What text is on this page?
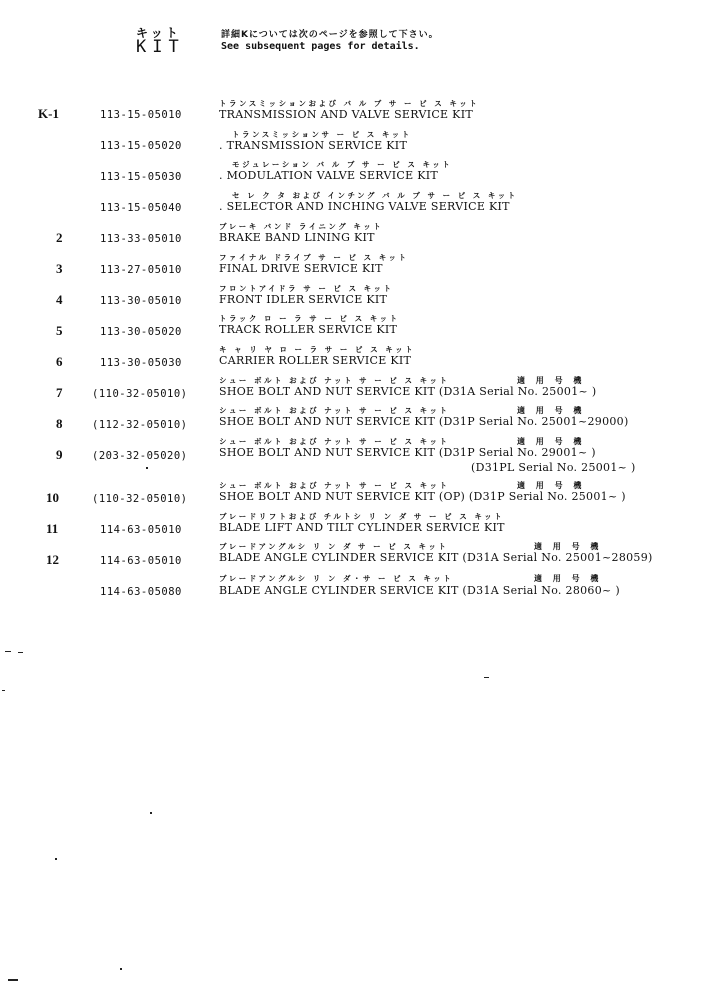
キット
KIT
詳細Kについては次のページを参照して下さい。
See subsequent pages for details.
K-1	113-15-05010
トランスミッションおよび バ ル ブ サ ー ビ ス キット
TRANSMISSION AND VALVE SERVICE KIT
113-15-05020
トランスミッションサ ー ビ ス キット
. TRANSMISSION SERVICE KIT
113-15-05030
モジュレーション バ ル ブ サ ー ビ ス キット
. MODULATION VALVE SERVICE KIT
113-15-05040
セ レ ク タ および インチング バ ル ブ サ ー ビ ス キット
. SELECTOR AND INCHING VALVE SERVICE KIT
2	113-33-05010
ブレーキ バンド ライニング キット
BRAKE BAND LINING KIT
3	113-27-05010
ファイナル ドライブ サ ー ビ ス キット
FINAL DRIVE SERVICE KIT
4	113-30-05010
フロントアイドラ サ ー ビ ス キット
FRONT IDLER SERVICE KIT
5	113-30-05020
トラック ロ ー ラ サ ー ビ ス キット
TRACK ROLLER SERVICE KIT
6	113-30-05030
キ ャ リ ヤ ロ ー ラ サ ー ビ ス キット
CARRIER ROLLER SERVICE KIT
7	(110-32-05010)
シュー ボルト および ナット サ ー ビ ス キット	適 用 号 機
SHOE BOLT AND NUT SERVICE KIT (D31A Serial No. 25001~ )
8	(112-32-05010)
シュー ボルト および ナット サ ー ビ ス キット	適 用 号 機
SHOE BOLT AND NUT SERVICE KIT (D31P Serial No. 25001~29000)
9	(203-32-05020)
シュー ボルト および ナット サ ー ビ ス キット	適 用 号 機
SHOE BOLT AND NUT SERVICE KIT (D31P Serial No. 29001~ )
(D31PL Serial No. 25001~ )
10	(110-32-05010)
シュー ボルト および ナット サ ー ビ ス キット	適 用 号 機
SHOE BOLT AND NUT SERVICE KIT (OP) (D31P Serial No. 25001~ )
11	114-63-05010
ブレードリフトおよび チルトシ リ ン ダ サ ー ビ ス キット
BLADE LIFT AND TILT CYLINDER SERVICE KIT
12	114-63-05010
ブレードアングルシ リ ン ダ サ ー ビ ス キット	適 用 号 機
BLADE ANGLE CYLINDER SERVICE KIT (D31A Serial No. 25001~28059)
114-63-05080
ブレードアングルシ リ ン ダ・サ ー ビ ス キット	適 用 号 機
BLADE ANGLE CYLINDER SERVICE KIT (D31A Serial No. 28060~ )
